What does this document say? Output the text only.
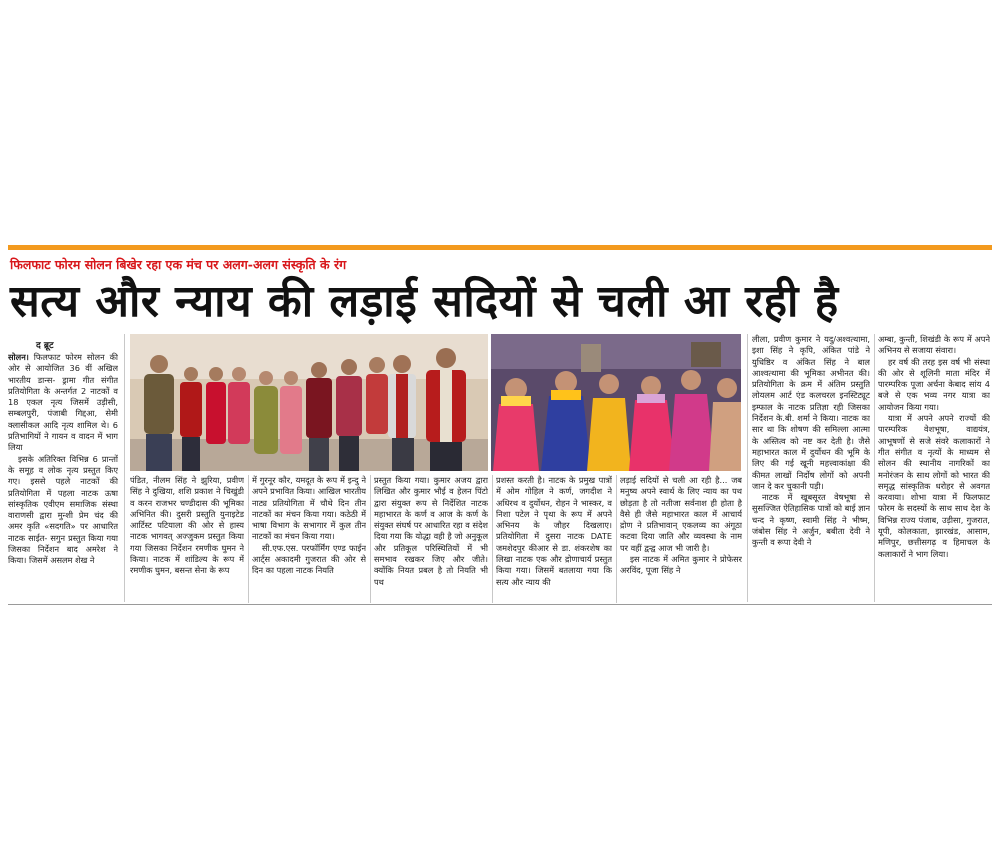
फिलफाट फोरम सोलन बिखेर रहा एक मंच पर अलग-अलग संस्कृति के रंग
सत्य और न्याय की लड़ाई सदियों से चली आ रही है
द ब्रूट

सोलन। फिलफाट फोरम सोलन की ओर से आयोजित 36 वीं अखिल भारतीय डान्स- ड्रामा गीत संगीत प्रतियोगिता के अन्तर्गत 2 नाटकों व 18 एकल नृत्य जिसमें उड़ीसी, सम्बलपुरी, पंजाबी गिद्दआ, सेमी क्लासीकल आदि नृत्य शामिल थे। 6 प्रतिभागियों ने गायन व वादन में भाग लिया

इसके अतिरिक्त विभिन्न 6 प्रान्तों के समूह व लोक नृत्य प्रस्तुत किए गए। इससे पहले नाटकों की प्रतियोगिता में पहला नाटक ऊषा सांस्कृतिक एवीएम समाजिक संस्था वाराणसी द्वारा मुन्शी प्रेम चंद की अमर कृति «सदगति» पर आधारित नाटक साईत- सगुन प्रस्तुत किया गया जिसका निर्देशन बाद अमरेश ने किया। जिसमें असलम शेख ने

अम्बा, कुन्ती, शिखंडी के रूप में अपने अभिनय से सजाया संवारा।

हर वर्ष की तरह इस वर्ष भी संस्था की ओर से शूलिनी माता मंदिर में पारम्परिक पूजा अर्चना केबाद सांय 4 बजे से एक भव्य नगर यात्रा का आयोजन किया गया।

यात्रा में अपने अपने राज्यों की पारम्परिक वेशभूषा, वाद्ययंत्र, आभूषणों से सजे संवरे कलाकारों ने गीत संगीत व नृत्यों के माध्यम से सोलन की स्थानीय नागरिकों का मनोरंजन के साथ लोगों को भारत की समृद्ध सांस्कृतिक धरोहर से अवगत करवाया। शोभा यात्रा में फिलफाट फोरम के सदस्यों के साथ साथ देश के विभिन्न राज्य पंजाब, उड़ीसा, गुजरात, यूपी, कोलकाता, झारखंड, आसाम, मणिपुर, छत्तीसगढ़ व हिमाचल के कलाकारों ने भाग लिया।

लीला, प्रवीण कुमार ने यदु/अश्वत्थामा, इशा सिंह ने कृपि, अंकित पांडे ने युधिष्ठिर व अंकित सिंह ने बाल आश्वत्थामा की भूमिका अभीनत की। प्रतियोगिता के क्रम में अंतिम प्रस्तुति लोयलम आर्ट एंड कलचरल इनस्टिट्यूट इम्फाल के नाटक प्रतिज्ञा रही जिसका निर्देशन के.बी. शर्मा ने किया। नाटक का सार था कि शोषण की समिल्ला आत्मा के अस्तित्व को नष्ट कर देती है। जैसे महाभारत काल में दुर्योधन की भूमि के लिए की गई खूनी महत्त्वाकांक्षा की कीमत लाखों निर्दोष लोगों को अपनी जान दे कर चुकानी पड़ी।

नाटक में खूबसूरत वेषभूषा से सुसज्जित ऐतिहासिक पात्रों को बाई ज्ञान चन्द ने कृष्ण, स्वामी सिंह ने भीष्म, जंबोस सिंह ने अर्जुन, बबीता देवी ने कुन्ती व रूपा देवी ने

पंडित, नीलम सिंह ने झुरिया, प्रवीण सिंह ने दुखिया, शशि प्रकाश ने चिखुंडी व करन राजभर चण्डीदास की भूमिका अभिनित की। दुसरी प्रस्तुति युनाइटेड आर्टिस्ट पटियाला की ओर से हास्य नाटक भागवत् अज्जुकम प्रस्तुत किया गया जिसका निर्देशन रमणीक घुमन ने किया। नाटक में शांडिल्य के रूप में रमणीक घुमन, बसन्त सेना के रूप

में गुरनूर कौर, यमदूत के रूप में इन्दु ने अपने प्रभावित किया। आखिल भारतीय नाट्य प्रतियोगिता में चौथे दिन तीन नाटकों का मंचन किया गया। कठेठी में भाषा विभाग के सभागार में कुल तीन नाटकों का मंचन किया गया।

सी.एफ.एस. परफॉर्मिंग एण्ड फाईन आर्ट्स अकादमी गुजरात की ओर से दिन का पहला नाटक नियति

प्रस्तुत किया गया। कुमार अजय द्वारा लिखित और कुमार भौई व हेलन पिंटो द्वारा संयुक्त रूप से निर्देशित नाटक महाभारत के कर्ण व आज के कर्ण के संयुक्त संघर्ष पर आधारित रहा व संदेश दिया गया कि योद्धा वही है जो अनुकूल और प्रतिकूल परिस्थितियों में भी समभाव रखकर जिए और जीते। क्योंकि नियत प्रबल है तो नियति भी पथ

प्रशस्त करती है। नाटक के प्रमुख पात्रों में ओम गोहिल ने कर्ण, जगदीश ने अधिरथ व दुर्योधन, रोहन ने भास्कर, व निशा पटेल ने पृथा के रूप में अपने अभिनय के जौहर दिखलाए। प्रतियोगिता में दुसरा नाटक DATE जमशेदपुर कीआर से डा. शंकरशेष का लिखा नाटक एक और द्रोणाचार्य प्रस्तुत किया गया। जिसमें बतलाया गया कि सत्य और न्याय की

लड़ाई सदियों से चली आ रही है... जब मनुष्य अपने स्वार्थ के लिए न्याय का पथ छोड़ता है तो नतीजा सर्वनाश ही होता है वैसे ही जैसे महाभारत काल में आचार्य द्रोण ने प्रतिभावान् एकलव्य का अंगूठा कटवा दिया जाति और व्यवस्था के नाम पर वहीं द्वन्द्व आज भी जारी है।

इस नाटक में अमित कुमार ने प्रोफेसर अरविंद, पूजा सिंह ने
